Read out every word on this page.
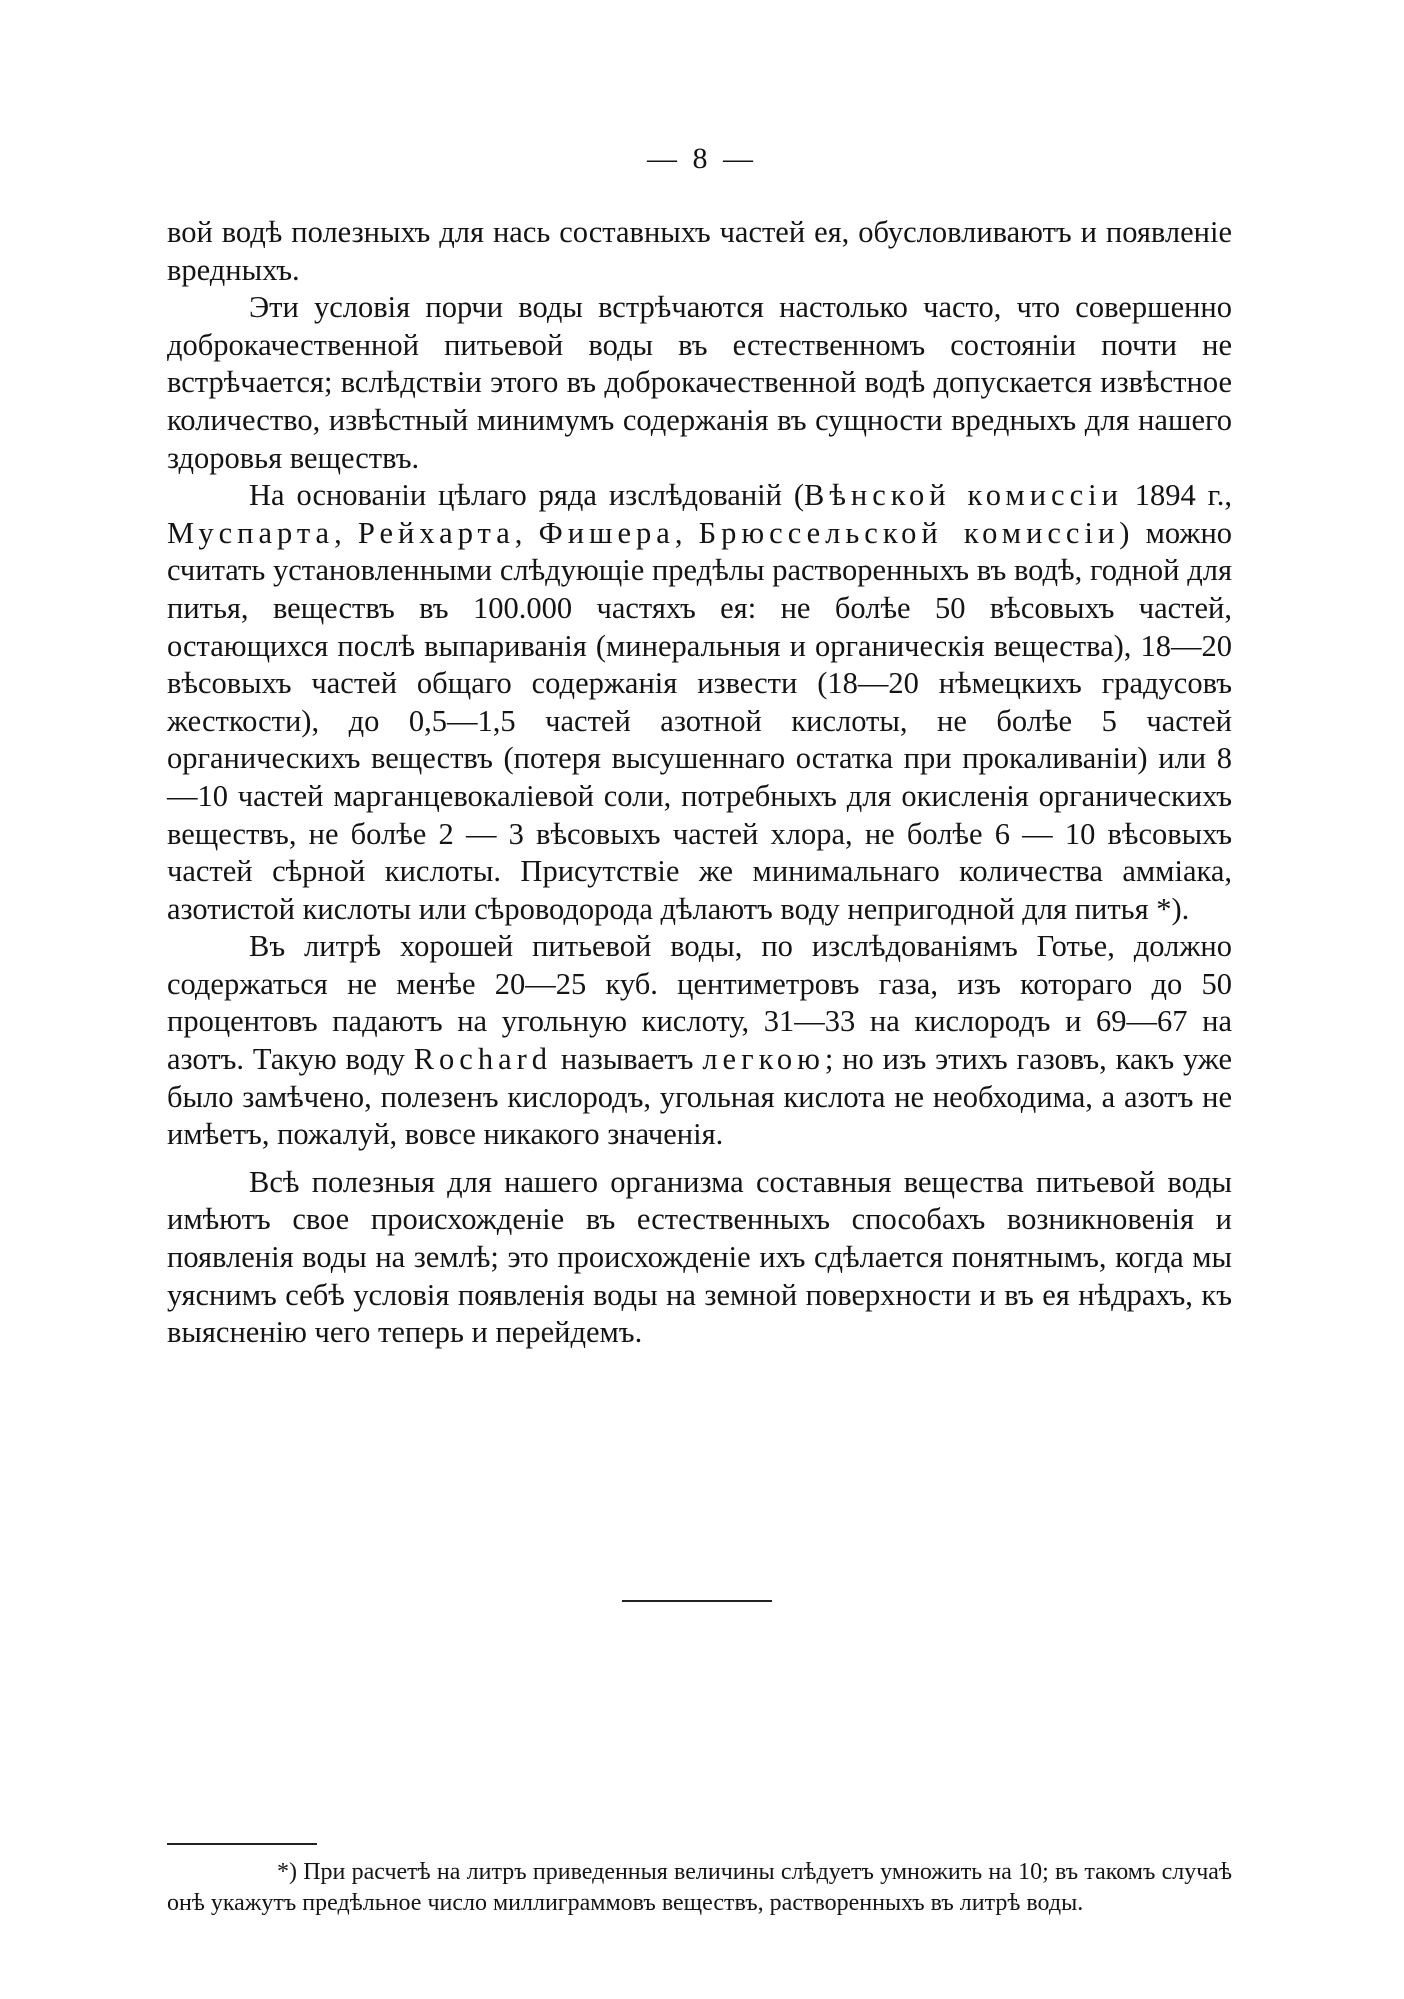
— 8 —

вой водѣ полезныхъ для нась составныхъ частей ея, обусловливаютъ и появленіе вредныхъ.

Эти условія порчи воды встрѣчаются настолько часто, что совершенно доброкачественной питьевой воды въ естественномъ состояніи почти не встрѣчается; вслѣдствіи этого въ доброкачественной водѣ допускается извѣстное количество, извѣстный минимумъ содержанія въ сущности вредныхъ для нашего здоровья веществъ.

На основаніи цѣлаго ряда изслѣдованій (Вѣнской комиссіи 1894 г., Муспарта, Рейхарта, Фишера, Брюссельской комиссіи) можно считать установленными слѣдующіе предѣлы растворенныхъ въ водѣ, годной для питья, веществъ въ 100.000 частяхъ ея: не болѣе 50 вѣсовыхъ частей, остающихся послѣ выпариванія (минеральныя и органическія вещества), 18—20 вѣсовыхъ частей общаго содержанія извести (18—20 нѣмецкихъ градусовъ жесткости), до 0,5—1,5 частей азотной кислоты, не болѣе 5 частей органическихъ веществъ (потеря высушеннаго остатка при прокаливаніи) или 8—10 частей марганцевокаліевой соли, потребныхъ для окисленія органическихъ веществъ, не болѣе 2 — 3 вѣсовыхъ частей хлора, не болѣе 6 — 10 вѣсовыхъ частей сѣрной кислоты. Присутствіе же минимальнаго количества амміака, азотистой кислоты или сѣроводорода дѣлаютъ воду непригодной для питья *).

Въ литрѣ хорошей питьевой воды, по изслѣдованіямъ Готье, должно содержаться не менѣе 20—25 куб. центиметровъ газа, изъ котораго до 50 процентовъ падаютъ на угольную кислоту, 31—33 на кислородъ и 69—67 на азотъ. Такую воду Rochard называетъ легкою; но изъ этихъ газовъ, какъ уже было замѣчено, полезенъ кислородъ, угольная кислота не необходима, а азотъ не имѣетъ, пожалуй, вовсе никакого значенія.

Всѣ полезныя для нашего организма составныя вещества питьевой воды имѣютъ свое происхожденіе въ естественныхъ способахъ возникновенія и появленія воды на землѣ; это происхожденіе ихъ сдѣлается понятнымъ, когда мы уяснимъ себѣ условія появленія воды на земной поверхности и въ ея нѣдрахъ, къ выясненію чего теперь и перейдемъ.

*) При расчетѣ на литръ приведенныя величины слѣдуетъ умножить на 10; въ такомъ случаѣ онѣ укажутъ предѣльное число миллиграммовъ веществъ, растворенныхъ въ литрѣ воды.
